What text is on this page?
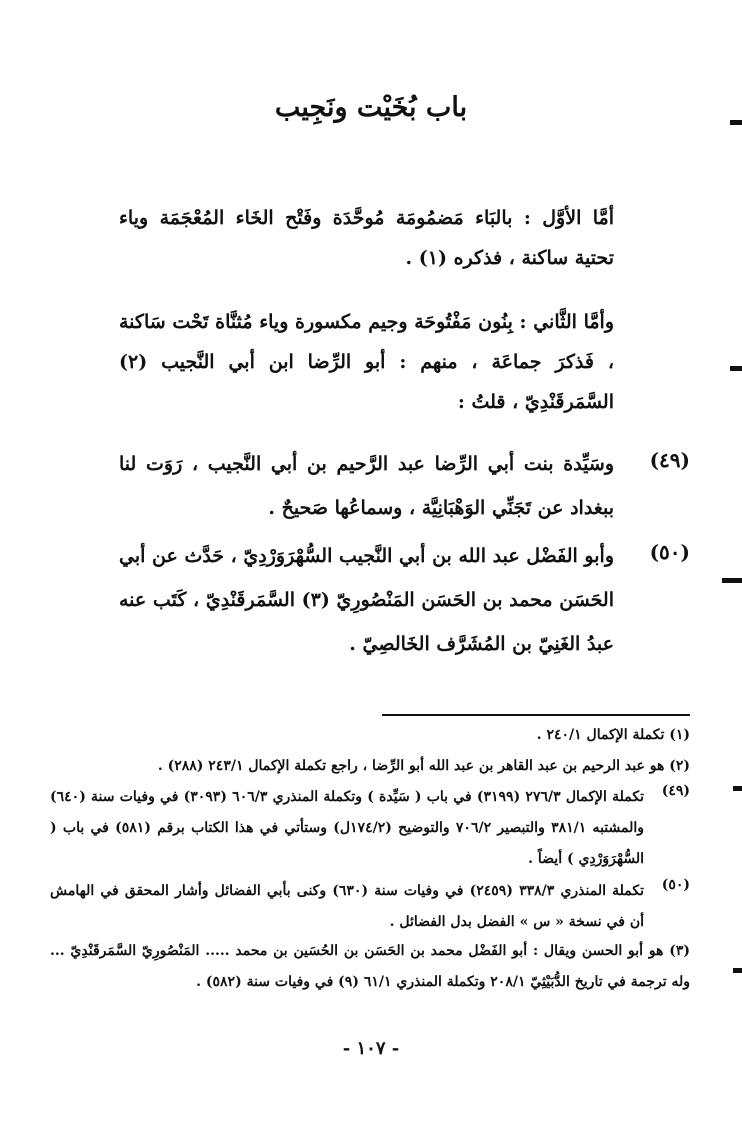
باب بُخَيْت ونَجِيب
أمَّا الأوَّل : بالبَاء مَضمُومَة مُوحَّدَة وفَتْح الخَاء المُعْجَمَة وياء تحتية ساكنة ، فذكره (١) .
وأمَّا الثَّاني : بِنُون مَفْتُوحَة وجيم مكسورة وياء مُثنَّاة تَحْت سَاكنة ، فَذكرَ جماعَة ، منهم : أبو الرِّضا ابن أبي النَّجيب (٢) السَّمَرقَنْدِيّ ، قلتُ :
(٤٩)
وسَيِّدة بنت أبي الرِّضا عبد الرَّحيم بن أبي النَّجيب ، رَوَت لنا ببغداد عن تَجَنِّي الوَهْبَانِيَّة ، وسماعُها صَحيحٌ .
(٥٠)
وأبو الفَضْل عبد الله بن أبي النَّجيب السُّهْرَوَرْدِيّ ، حَدَّث عن أبي الحَسَن محمد بن الحَسَن المَنْصُورِيّ (٣) السَّمَرقَنْدِيّ ، كَتَب عنه عبدُ الغَنِيّ بن المُشَرَّف الخَالصِيّ .
(١) تكملة الإكمال ٢٤٠/١ .
(٢) هو عبد الرحيم بن عبد القاهر بن عبد الله أبو الرِّضا ، راجع تكملة الإكمال ٢٤٣/١ (٢٨٨) .
(٤٩)
تكملة الإكمال ٢٧٦/٣ (٣١٩٩) في باب ( سَيِّدة ) وتكملة المنذري ٦٠٦/٣ (٣٠٩٣) في وفيات سنة (٦٤٠) والمشتبه ٣٨١/١ والتبصير ٧٠٦/٢ والتوضيح (١٧٤/٢ل) وستأتي في هذا الكتاب برقم (٥٨١) في باب ( السُّهْرَوَرْدِي ) أيضاً .
(٥٠)
تكملة المنذري ٣٣٨/٣ (٢٤٥٩) في وفيات سنة (٦٣٠) وكنى بأبي الفضائل وأشار المحقق في الهامش أن في نسخة « س » الفضل بدل الفضائل .
(٣) هو أبو الحسن ويقال : أبو الفَضْل محمد بن الحَسَن بن الحُسَين بن محمد ..... المَنْصُورِيّ السَّمَرقَنْدِيّ ... وله ترجمة في تاريخ الدُّبَيْثِيّ ٢٠٨/١ وتكملة المنذري ٦١/١ (٩) في وفيات سنة (٥٨٢) .
- ١٠٧ -
